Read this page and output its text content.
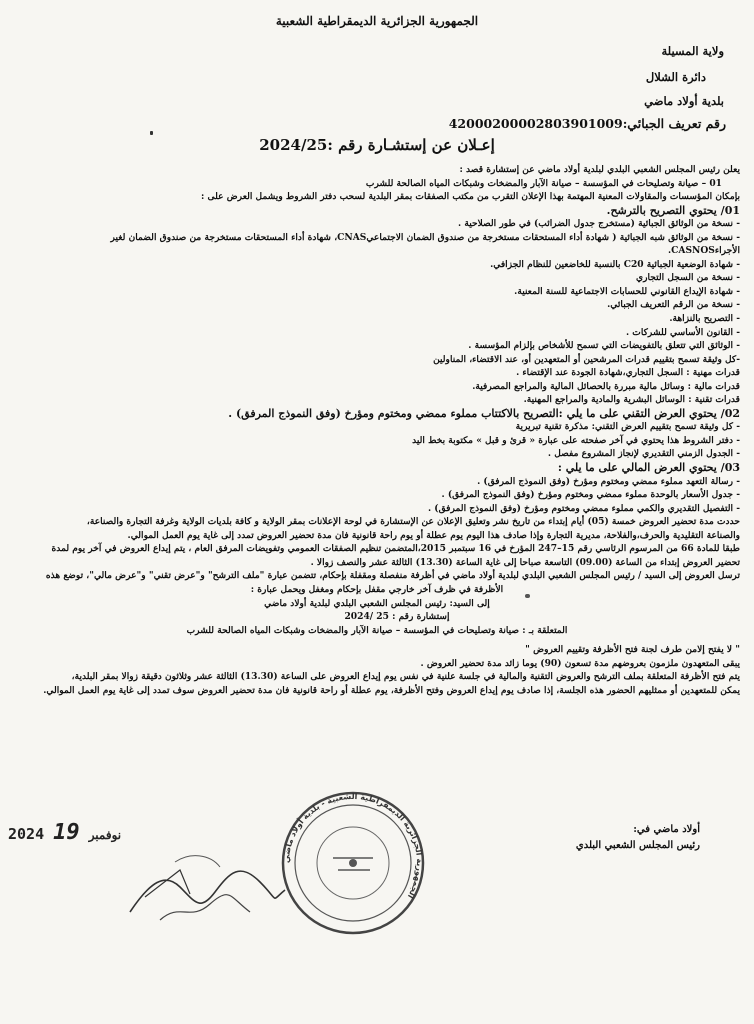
الجمهورية الجزائرية الديمقراطية الشعبية
ولاية المسيلة
دائرة الشلال
بلدية أولاد ماضي
رقم تعريف الجبائي:420002000028039010​09
إعـلان عن إستشـارة رقم :2024/25
يعلن رئيس المجلس الشعبي البلدي لبلدية أولاد ماضي عن إستشارة قصد :
01 – صيانة وتصليحات في المؤسسة – صيانة الآبار والمضخات وشبكات المياه الصالحة للشرب
بإمكان المؤسسات والمقاولات المعنية المهتمة بهذا الإعلان التقرب من مكتب الصفقات بمقر البلدية لسحب دفتر الشروط ويشمل العرض على :
01/ يحتوي التصريح بالترشح.
- نسخة من الوثائق الجبائية (مستخرج جدول الضرائب) في طور الصلاحية .
- نسخة من الوثائق شبه الجبائية ( شهادة أداء المستحقات مستخرجة من صندوق الضمان الاجتماعيCNAS، شهادة أداء المستحقات مستخرجة من صندوق الضمان لغير
الأجراءCASNOS.
- شهادة الوضعية الجبائية C20 بالنسبة للخاضعين للنظام الجزافي.
- نسخة من السجل التجاري
- شهادة الإيداع القانوني للحسابات الاجتماعية للسنة المعنية.
- نسخة من الرقم التعريف الجبائي.
- التصريح بالنزاهة.
- القانون الأساسي للشركات .
- الوثائق التي تتعلق بالتفويضات التي تسمح للأشخاص بإلزام المؤسسة .
-كل وثيقة تسمح بتقييم قدرات المرشحين أو المتعهدين أو، عند الاقتضاء، المناولين
قدرات مهنية : السجل التجاري،شهادة الجودة عند الإقتضاء .
قدرات مالية : وسائل مالية مبررة بالحصائل المالية والمراجع المصرفية.
قدرات تقنية : الوسائل البشرية والمادية والمراجع المهنية.
02/ يحتوي العرض التقني على ما يلي :التصريح بالاكتتاب مملوء ممضي ومختوم ومؤرخ (وفق النموذج المرفق) .
- كل وثيقة تسمح بتقييم العرض التقني: مذكرة تقنية تبريرية
- دفتر الشروط هذا يحتوي في آخر صفحته على عبارة « قرئ و قبل » مكتوبة بخط اليد
- الجدول الزمني التقديري لإنجاز المشروع مفصل .
03/ يحتوي العرض المالي على ما يلي :
- رسالة التعهد مملوء ممضي ومختوم ومؤرخ (وفق النموذج المرفق) .
- جدول الأسعار بالوحدة مملوء ممضي ومختوم ومؤرخ (وفق النموذج المرفق) .
- التفصيل التقديري والكمي مملوء ممضي ومختوم ومؤرخ (وفق النموذج المرفق) .
حددت مدة تحضير العروض خمسة (05) أيام إبتداء من تاريخ نشر وتعليق الإعلان عن الإستشارة في لوحة الإعلانات بمقر الولاية و كافة بلديات الولاية وغرفة التجارة والصناعة،
والصناعة التقليدية والحرف،والفلاحة، مديرية التجارة وإذا صادف هذا اليوم يوم عطلة أو يوم راحة قانونية فان مدة تحضير العروض تمدد إلى غاية يوم العمل الموالي.
طبقا للمادة 66 من المرسوم الرئاسي رقم 15–247 المؤرخ في 16 سبتمبر 2015،المتضمن تنظيم الصفقات العمومي وتفويضات المرفق العام ، يتم إيداع العروض في آخر يوم لمدة
تحضير العروض إبتداء من الساعة (09.00) التاسعة صباحا إلى غاية الساعة (13.30) الثالثة عشر والنصف زوالا .
ترسل العروض إلى السيد / رئيس المجلس الشعبي البلدي لبلدية أولاد ماضي في أظرفة منفصلة ومقفلة بإحكام، تتضمن عبارة "ملف الترشح" و"عرض تقني" و"عرض مالي"، توضع هذه
الأظرفة في ظرف آخر خارجي مقفل بإحكام ومغفل ويحمل عبارة :
إلى السيد: رئيس المجلس الشعبي البلدي لبلدية أولاد ماضي
إستشارة رقم : 25 /2024
المتعلقة بـ : صيانة وتصليحات في المؤسسة – صيانة الآبار والمضخات وشبكات المياه الصالحة للشرب
" لا يفتح إلامن طرف لجنة فتح الأظرفة وتقييم العروض "
يبقى المتعهدون ملزمون بعروضهم مدة تسعون (90) يوما زائد مدة تحضير العروض .
يتم فتح الأظرفة المتعلقة بملف الترشح والعروض التقنية والمالية في جلسة علنية في نفس يوم إيداع العروض على الساعة (13.30) الثالثة عشر وثلاثون دقيقة زوالا بمقر البلدية،
يمكن للمتعهدين أو ممثليهم الحضور هذه الجلسة، إذا صادف يوم إيداع العروض وفتح الأظرفة، يوم عطلة أو راحة قانونية فان مدة تحضير العروض سوف تمدد إلى غاية يوم العمل الموالي.
أولاد ماضي في:
رئيس المجلس الشعبي البلدي
2024	نوفمبر 19
الجمهورية الجزائرية الديمقراطية الشعبية - بلدية أولاد ماضي
